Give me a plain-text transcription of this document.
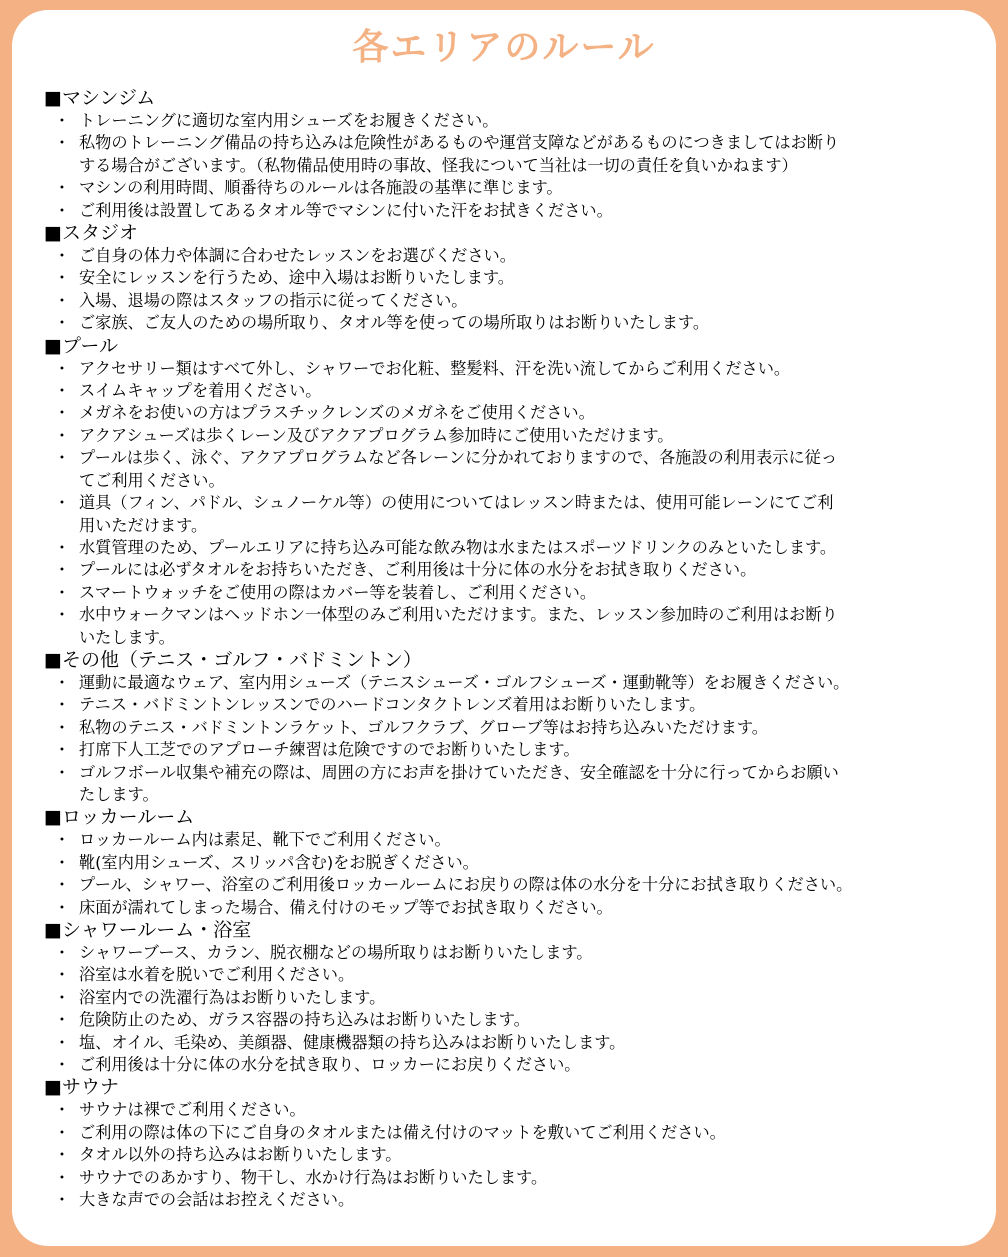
各エリアのルール
■マシンジム
・ トレーニングに適切な室内用シューズをお履きください。
・ 私物のトレーニング備品の持ち込みは危険性があるものや運営支障などがあるものにつきましてはお断り
する場合がございます。（私物備品使用時の事故、怪我について当社は一切の責任を負いかねます）
・ マシンの利用時間、順番待ちのルールは各施設の基準に準じます。
・ ご利用後は設置してあるタオル等でマシンに付いた汗をお拭きください。
■スタジオ
・ ご自身の体力や体調に合わせたレッスンをお選びください。
・ 安全にレッスンを行うため、途中入場はお断りいたします。
・ 入場、退場の際はスタッフの指示に従ってください。
・ ご家族、ご友人のための場所取り、タオル等を使っての場所取りはお断りいたします。
■プール
・ アクセサリー類はすべて外し、シャワーでお化粧、整髪料、汗を洗い流してからご利用ください。
・ スイムキャップを着用ください。
・ メガネをお使いの方はプラスチックレンズのメガネをご使用ください。
・ アクアシューズは歩くレーン及びアクアプログラム参加時にご使用いただけます。
・ プールは歩く、泳ぐ、アクアプログラムなど各レーンに分かれておりますので、各施設の利用表示に従っ
てご利用ください。
・ 道具（フィン、パドル、シュノーケル等）の使用についてはレッスン時または、使用可能レーンにてご利
用いただけます。
・ 水質管理のため、プールエリアに持ち込み可能な飲み物は水またはスポーツドリンクのみといたします。
・ プールには必ずタオルをお持ちいただき、ご利用後は十分に体の水分をお拭き取りください。
・ スマートウォッチをご使用の際はカバー等を装着し、ご利用ください。
・ 水中ウォークマンはヘッドホン一体型のみご利用いただけます。また、レッスン参加時のご利用はお断り
いたします。
■その他（テニス・ゴルフ・バドミントン）
・ 運動に最適なウェア、室内用シューズ（テニスシューズ・ゴルフシューズ・運動靴等）をお履きください。
・ テニス・バドミントンレッスンでのハードコンタクトレンズ着用はお断りいたします。
・ 私物のテニス・バドミントンラケット、ゴルフクラブ、グローブ等はお持ち込みいただけます。
・ 打席下人工芝でのアプローチ練習は危険ですのでお断りいたします。
・ ゴルフボール収集や補充の際は、周囲の方にお声を掛けていただき、安全確認を十分に行ってからお願い
たします。
■ロッカールーム
・ ロッカールーム内は素足、靴下でご利用ください。
・ 靴(室内用シューズ、スリッパ含む)をお脱ぎください。
・ プール、シャワー、浴室のご利用後ロッカールームにお戻りの際は体の水分を十分にお拭き取りください。
・ 床面が濡れてしまった場合、備え付けのモップ等でお拭き取りください。
■シャワールーム・浴室
・ シャワーブース、カラン、脱衣棚などの場所取りはお断りいたします。
・ 浴室は水着を脱いでご利用ください。
・ 浴室内での洗濯行為はお断りいたします。
・ 危険防止のため、ガラス容器の持ち込みはお断りいたします。
・ 塩、オイル、毛染め、美顔器、健康機器類の持ち込みはお断りいたします。
・ ご利用後は十分に体の水分を拭き取り、ロッカーにお戻りください。
■サウナ
・ サウナは裸でご利用ください。
・ ご利用の際は体の下にご自身のタオルまたは備え付けのマットを敷いてご利用ください。
・ タオル以外の持ち込みはお断りいたします。
・ サウナでのあかすり、物干し、水かけ行為はお断りいたします。
・ 大きな声での会話はお控えください。
